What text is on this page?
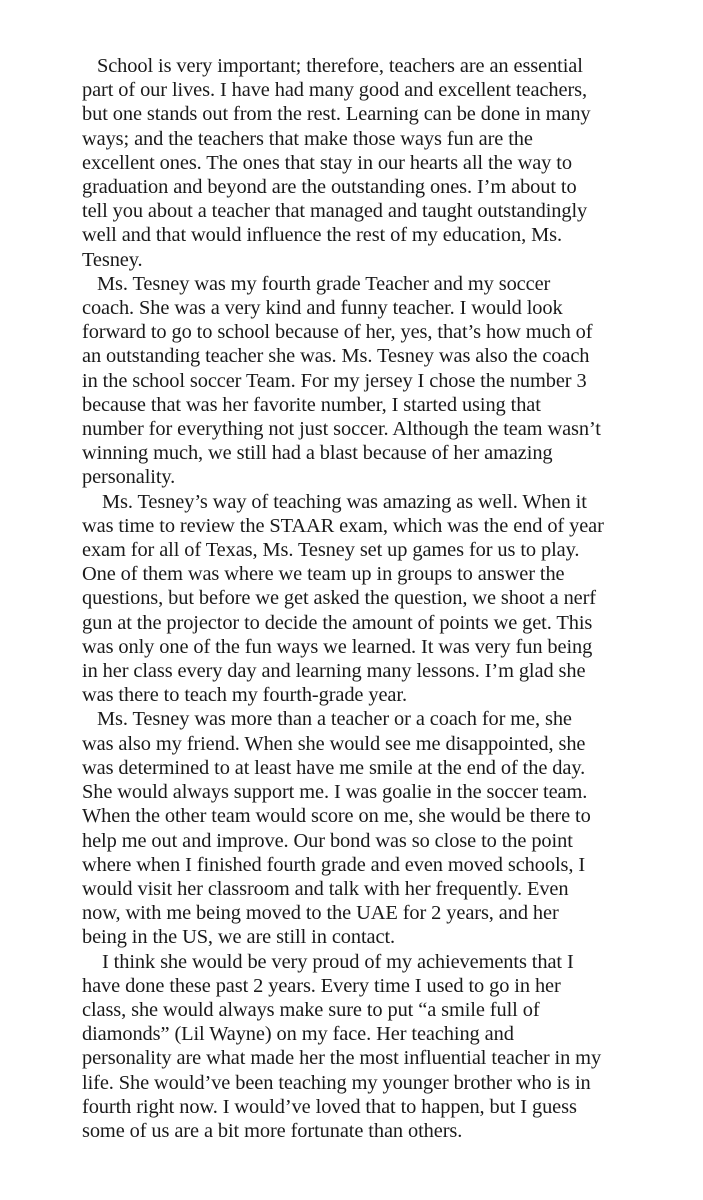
School is very important; therefore, teachers are an essential
part of our lives. I have had many good and excellent teachers,
but one stands out from the rest. Learning can be done in many
ways; and the teachers that make those ways fun are the
excellent ones. The ones that stay in our hearts all the way to
graduation and beyond are the outstanding ones. I’m about to
tell you about a teacher that managed and taught outstandingly
well and that would influence the rest of my education, Ms.
Tesney.
Ms. Tesney was my fourth grade Teacher and my soccer
coach. She was a very kind and funny teacher. I would look
forward to go to school because of her, yes, that’s how much of
an outstanding teacher she was. Ms. Tesney was also the coach
in the school soccer Team. For my jersey I chose the number 3
because that was her favorite number, I started using that
number for everything not just soccer. Although the team wasn’t
winning much, we still had a blast because of her amazing
personality.
Ms. Tesney’s way of teaching was amazing as well. When it
was time to review the STAAR exam, which was the end of year
exam for all of Texas, Ms. Tesney set up games for us to play.
One of them was where we team up in groups to answer the
questions, but before we get asked the question, we shoot a nerf
gun at the projector to decide the amount of points we get. This
was only one of the fun ways we learned. It was very fun being
in her class every day and learning many lessons. I’m glad she
was there to teach my fourth-grade year.
Ms. Tesney was more than a teacher or a coach for me, she
was also my friend. When she would see me disappointed, she
was determined to at least have me smile at the end of the day.
She would always support me. I was goalie in the soccer team.
When the other team would score on me, she would be there to
help me out and improve. Our bond was so close to the point
where when I finished fourth grade and even moved schools, I
would visit her classroom and talk with her frequently. Even
now, with me being moved to the UAE for 2 years, and her
being in the US, we are still in contact.
I think she would be very proud of my achievements that I
have done these past 2 years. Every time I used to go in her
class, she would always make sure to put “a smile full of
diamonds” (Lil Wayne) on my face. Her teaching and
personality are what made her the most influential teacher in my
life. She would’ve been teaching my younger brother who is in
fourth right now. I would’ve loved that to happen, but I guess
some of us are a bit more fortunate than others.
